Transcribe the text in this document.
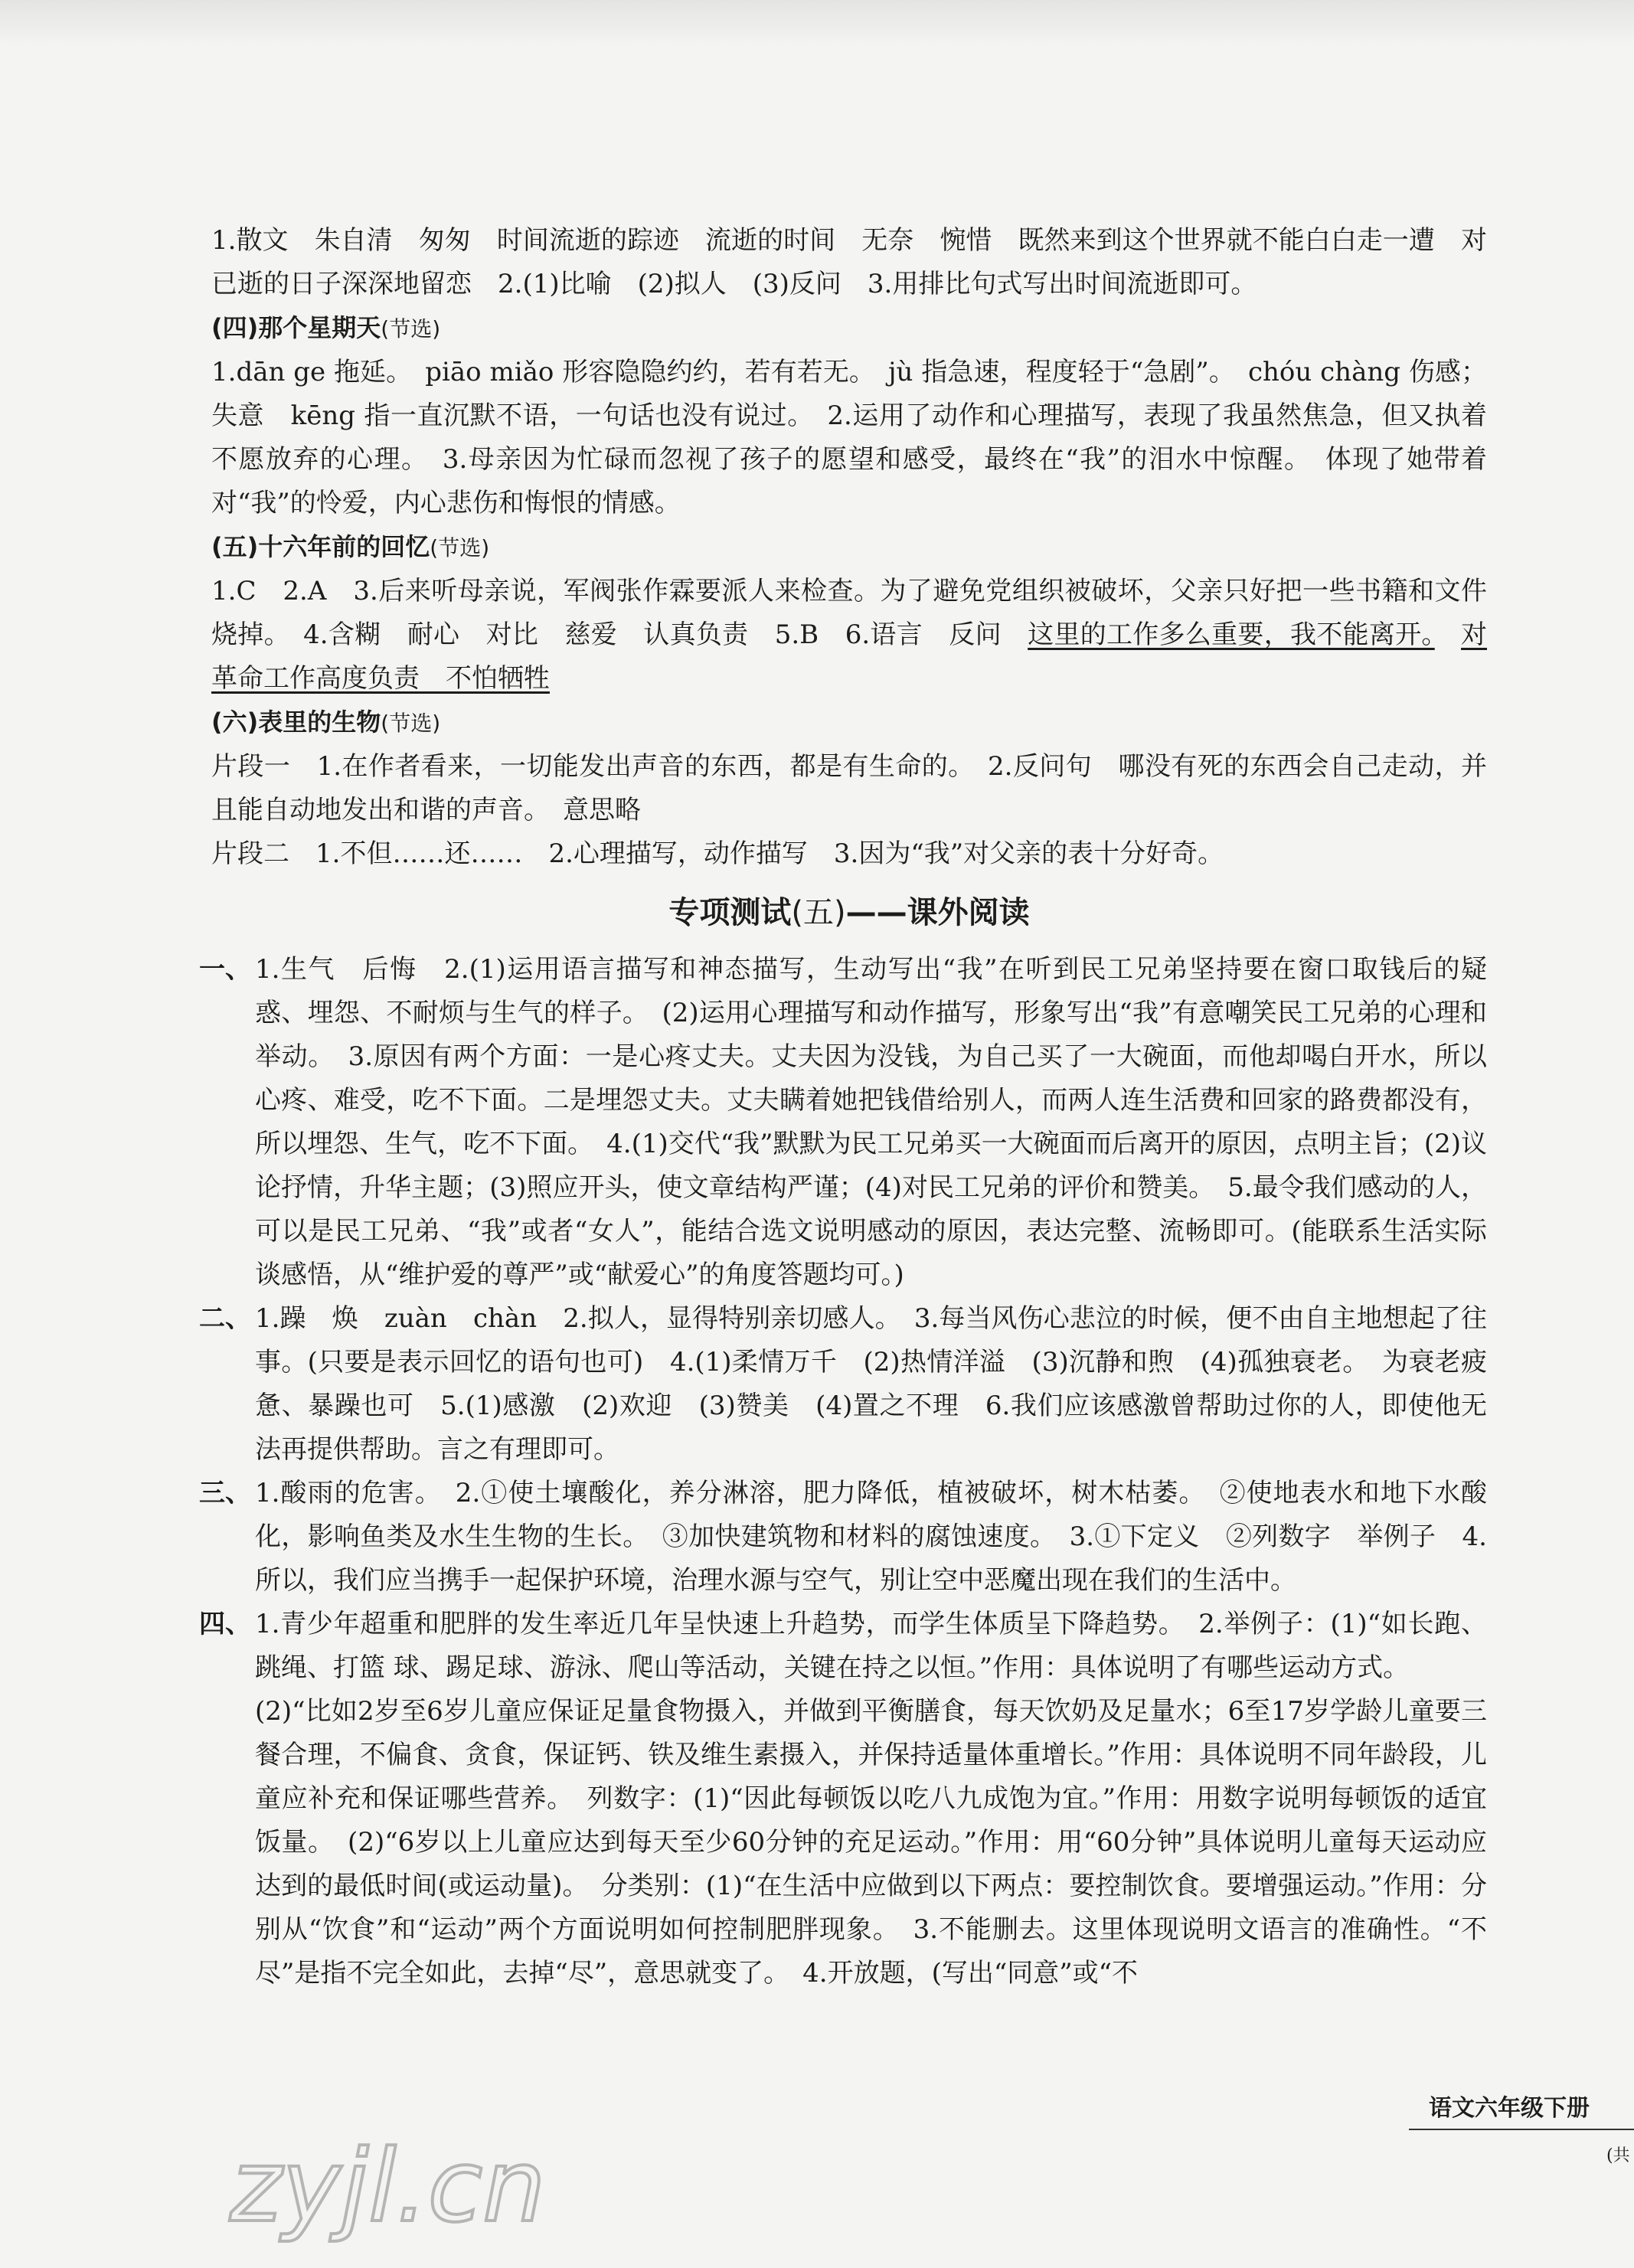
1.散文　朱自清　匆匆　时间流逝的踪迹　流逝的时间　无奈　惋惜　既然来到这个世界就不能白白走一遭　对已逝的日子深深地留恋　2.(1)比喻　(2)拟人　(3)反问　3.用排比句式写出时间流逝即可。

(四)那个星期天(节选)

1.dān ge 拖延。　piāo miǎo 形容隐隐约约，若有若无。　jù 指急速，程度轻于“急剧”。　chóu chàng 伤感；失意　kēng 指一直沉默不语，一句话也没有说过。　2.运用了动作和心理描写，表现了我虽然焦急，但又执着不愿放弃的心理。　3.母亲因为忙碌而忽视了孩子的愿望和感受，最终在“我”的泪水中惊醒。　体现了她带着对“我”的怜爱，内心悲伤和悔恨的情感。

(五)十六年前的回忆(节选)

1.C　2.A　3.后来听母亲说，军阀张作霖要派人来检查。为了避免党组织被破坏，父亲只好把一些书籍和文件烧掉。　4.含糊　耐心　对比　慈爱　认真负责　5.B　6.语言　反问　这里的工作多么重要，我不能离开。　 对革命工作高度负责　不怕牺牲

(六)表里的生物(节选)

片段一　1.在作者看来，一切能发出声音的东西，都是有生命的。　2.反问句　哪没有死的东西会自己走动，并且能自动地发出和谐的声音。　意思略

片段二　1.不但……还……　2.心理描写，动作描写　3.因为“我”对父亲的表十分好奇。

专项测试(五)——课外阅读

一、 1.生气　后悔　2.(1)运用语言描写和神态描写，生动写出“我”在听到民工兄弟坚持要在窗口取钱后的疑惑、埋怨、不耐烦与生气的样子。　(2)运用心理描写和动作描写，形象写出“我”有意嘲笑民工兄弟的心理和举动。　3.原因有两个方面：一是心疼丈夫。丈夫因为没钱，为自己买了一大碗面，而他却喝白开水，所以心疼、难受，吃不下面。二是埋怨丈夫。丈夫瞒着她把钱借给别人，而两人连生活费和回家的路费都没有，所以埋怨、生气，吃不下面。　4.(1)交代“我”默默为民工兄弟买一大碗面而后离开的原因，点明主旨；(2)议论抒情，升华主题；(3)照应开头，使文章结构严谨；(4)对民工兄弟的评价和赞美。　5.最令我们感动的人，可以是民工兄弟、“我”或者“女人”，能结合选文说明感动的原因，表达完整、流畅即可。(能联系生活实际谈感悟，从“维护爱的尊严”或“献爱心”的角度答题均可。)

二、 1.躁　焕　zuàn　chàn　2.拟人，显得特别亲切感人。　3.每当风伤心悲泣的时候，便不由自主地想起了往事。(只要是表示回忆的语句也可)　4.(1)柔情万千　(2)热情洋溢　(3)沉静和煦　(4)孤独衰老。　为衰老疲惫、暴躁也可　5.(1)感激　(2)欢迎　(3)赞美　(4)置之不理　6.我们应该感激曾帮助过你的人，即使他无法再提供帮助。言之有理即可。

三、 1.酸雨的危害。　2.①使土壤酸化，养分淋溶，肥力降低，植被破坏，树木枯萎。　②使地表水和地下水酸化，影响鱼类及水生生物的生长。　③加快建筑物和材料的腐蚀速度。　3.①下定义　②列数字　举例子　4.所以，我们应当携手一起保护环境，治理水源与空气，别让空中恶魔出现在我们的生活中。

四、 1.青少年超重和肥胖的发生率近几年呈快速上升趋势，而学生体质呈下降趋势。　2.举例子：(1)“如长跑、跳绳、打篮 球、踢足球、游泳、爬山等活动，关键在持之以恒。”作用：具体说明了有哪些运动方式。

(2)“比如2岁至6岁儿童应保证足量食物摄入，并做到平衡膳食，每天饮奶及足量水；6至17岁学龄儿童要三餐合理，不偏食、贪食，保证钙、铁及维生素摄入，并保持适量体重增长。”作用：具体说明不同年龄段，儿童应补充和保证哪些营养。　列数字：(1)“因此每顿饭以吃八九成饱为宜。”作用：用数字说明每顿饭的适宜饭量。　(2)“6岁以上儿童应达到每天至少60分钟的充足运动。”作用：用“60分钟”具体说明儿童每天运动应达到的最低时间(或运动量)。　分类别：(1)“在生活中应做到以下两点：要控制饮食。要增强运动。”作用：分别从“饮食”和“运动”两个方面说明如何控制肥胖现象。　3.不能删去。这里体现说明文语言的准确性。“不尽”是指不完全如此，去掉“尽”，意思就变了。　4.开放题，(写出“同意”或“不

语文六年级下册
(共
zyjl.cn
